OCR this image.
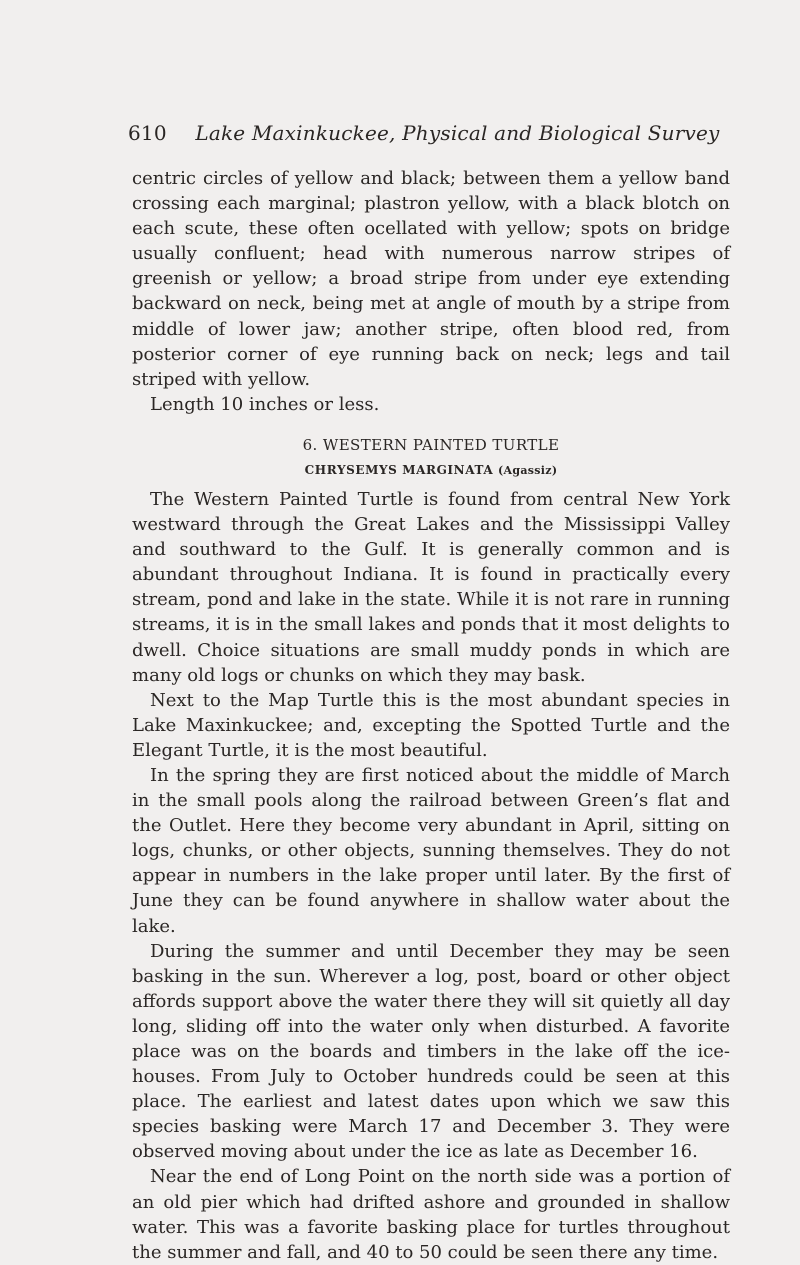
610 Lake Maxinkuckee, Physical and Biological Survey

centric circles of yellow and black; between them a yellow band crossing each marginal; plastron yellow, with a black blotch on each scute, these often ocellated with yellow; spots on bridge usually confluent; head with numerous narrow stripes of greenish or yellow; a broad stripe from under eye extending backward on neck, being met at angle of mouth by a stripe from middle of lower jaw; another stripe, often blood red, from posterior corner of eye running back on neck; legs and tail striped with yellow.

Length 10 inches or less.

6. WESTERN PAINTED TURTLE
CHRYSEMYS MARGINATA (Agassiz)

The Western Painted Turtle is found from central New York westward through the Great Lakes and the Mississippi Valley and southward to the Gulf. It is generally common and is abundant throughout Indiana. It is found in practically every stream, pond and lake in the state. While it is not rare in running streams, it is in the small lakes and ponds that it most delights to dwell. Choice situations are small muddy ponds in which are many old logs or chunks on which they may bask.

Next to the Map Turtle this is the most abundant species in Lake Maxinkuckee; and, excepting the Spotted Turtle and the Elegant Turtle, it is the most beautiful.

In the spring they are first noticed about the middle of March in the small pools along the railroad between Green’s flat and the Outlet. Here they become very abundant in April, sitting on logs, chunks, or other objects, sunning themselves. They do not appear in numbers in the lake proper until later. By the first of June they can be found anywhere in shallow water about the lake.

During the summer and until December they may be seen basking in the sun. Wherever a log, post, board or other object affords support above the water there they will sit quietly all day long, sliding off into the water only when disturbed. A favorite place was on the boards and timbers in the lake off the ice-houses. From July to October hundreds could be seen at this place. The earliest and latest dates upon which we saw this species basking were March 17 and December 3. They were observed moving about under the ice as late as December 16.

Near the end of Long Point on the north side was a portion of an old pier which had drifted ashore and grounded in shallow water. This was a favorite basking place for turtles throughout the summer and fall, and 40 to 50 could be seen there any time.
